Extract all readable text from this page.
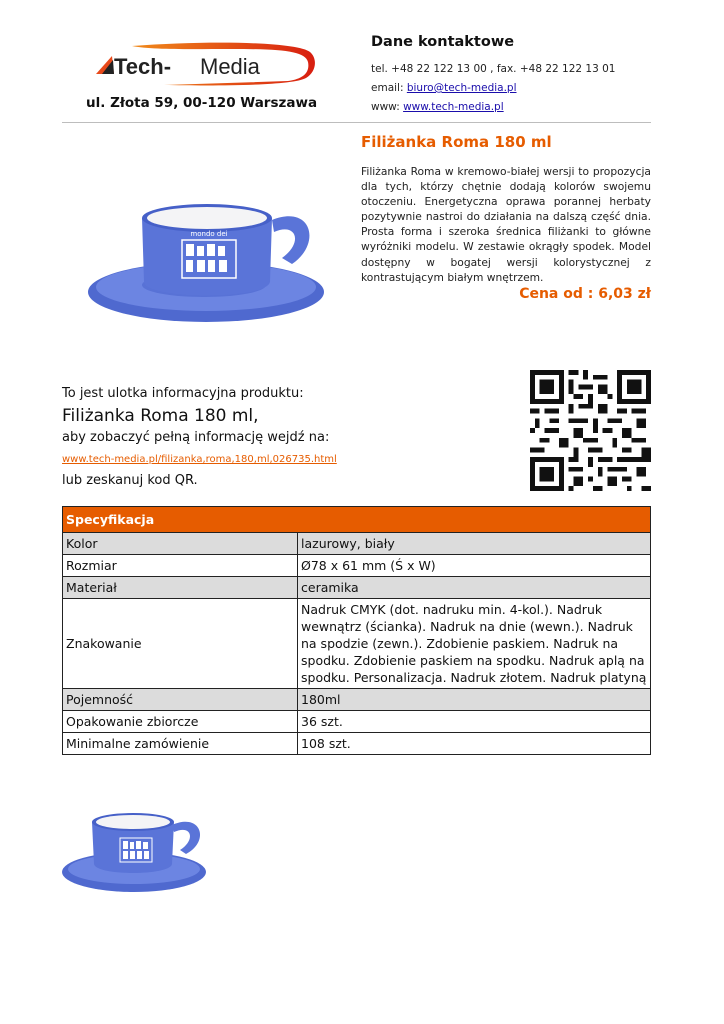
Tech- Media
ul. Złota 59, 00-120 Warszawa
Dane kontaktowe
tel. +48 22 122 13 00 , fax. +48 22 122 13 01
email: biuro@tech-media.pl
www: www.tech-media.pl
mondo dei
Filiżanka Roma 180 ml
Filiżanka Roma w kremowo-białej wersji to propozycja dla tych, którzy chętnie dodają kolorów swojemu otoczeniu. Energetyczna oprawa porannej herbaty pozytywnie nastroi do działania na dalszą część dnia. Prosta forma i szeroka średnica filiżanki to główne wyróżniki modelu. W zestawie okrągły spodek. Model dostępny w bogatej wersji kolorystycznej z kontrastującym białym wnętrzem.
Cena od : 6,03 zł
To jest ulotka informacyjna produktu:
Filiżanka Roma 180 ml,
aby zobaczyć pełną informację wejdź na:
www.tech-media.pl/filizanka,roma,180,ml,026735.html
lub zeskanuj kod QR.
Specyfikacja	
Kolor	lazurowy, biały
Rozmiar	Ø78 x 61 mm (Ś x W)
Materiał	ceramika
Znakowanie	Nadruk CMYK (dot. nadruku min. 4-kol.). Nadruk wewnątrz (ścianka). Nadruk na dnie (wewn.). Nadruk na spodzie (zewn.). Zdobienie paskiem. Nadruk na spodku. Zdobienie paskiem na spodku. Nadruk aplą na spodku. Personalizacja. Nadruk złotem. Nadruk platyną
Pojemność	180ml
Opakowanie zbiorcze	36 szt.
Minimalne zamówienie	108 szt.
